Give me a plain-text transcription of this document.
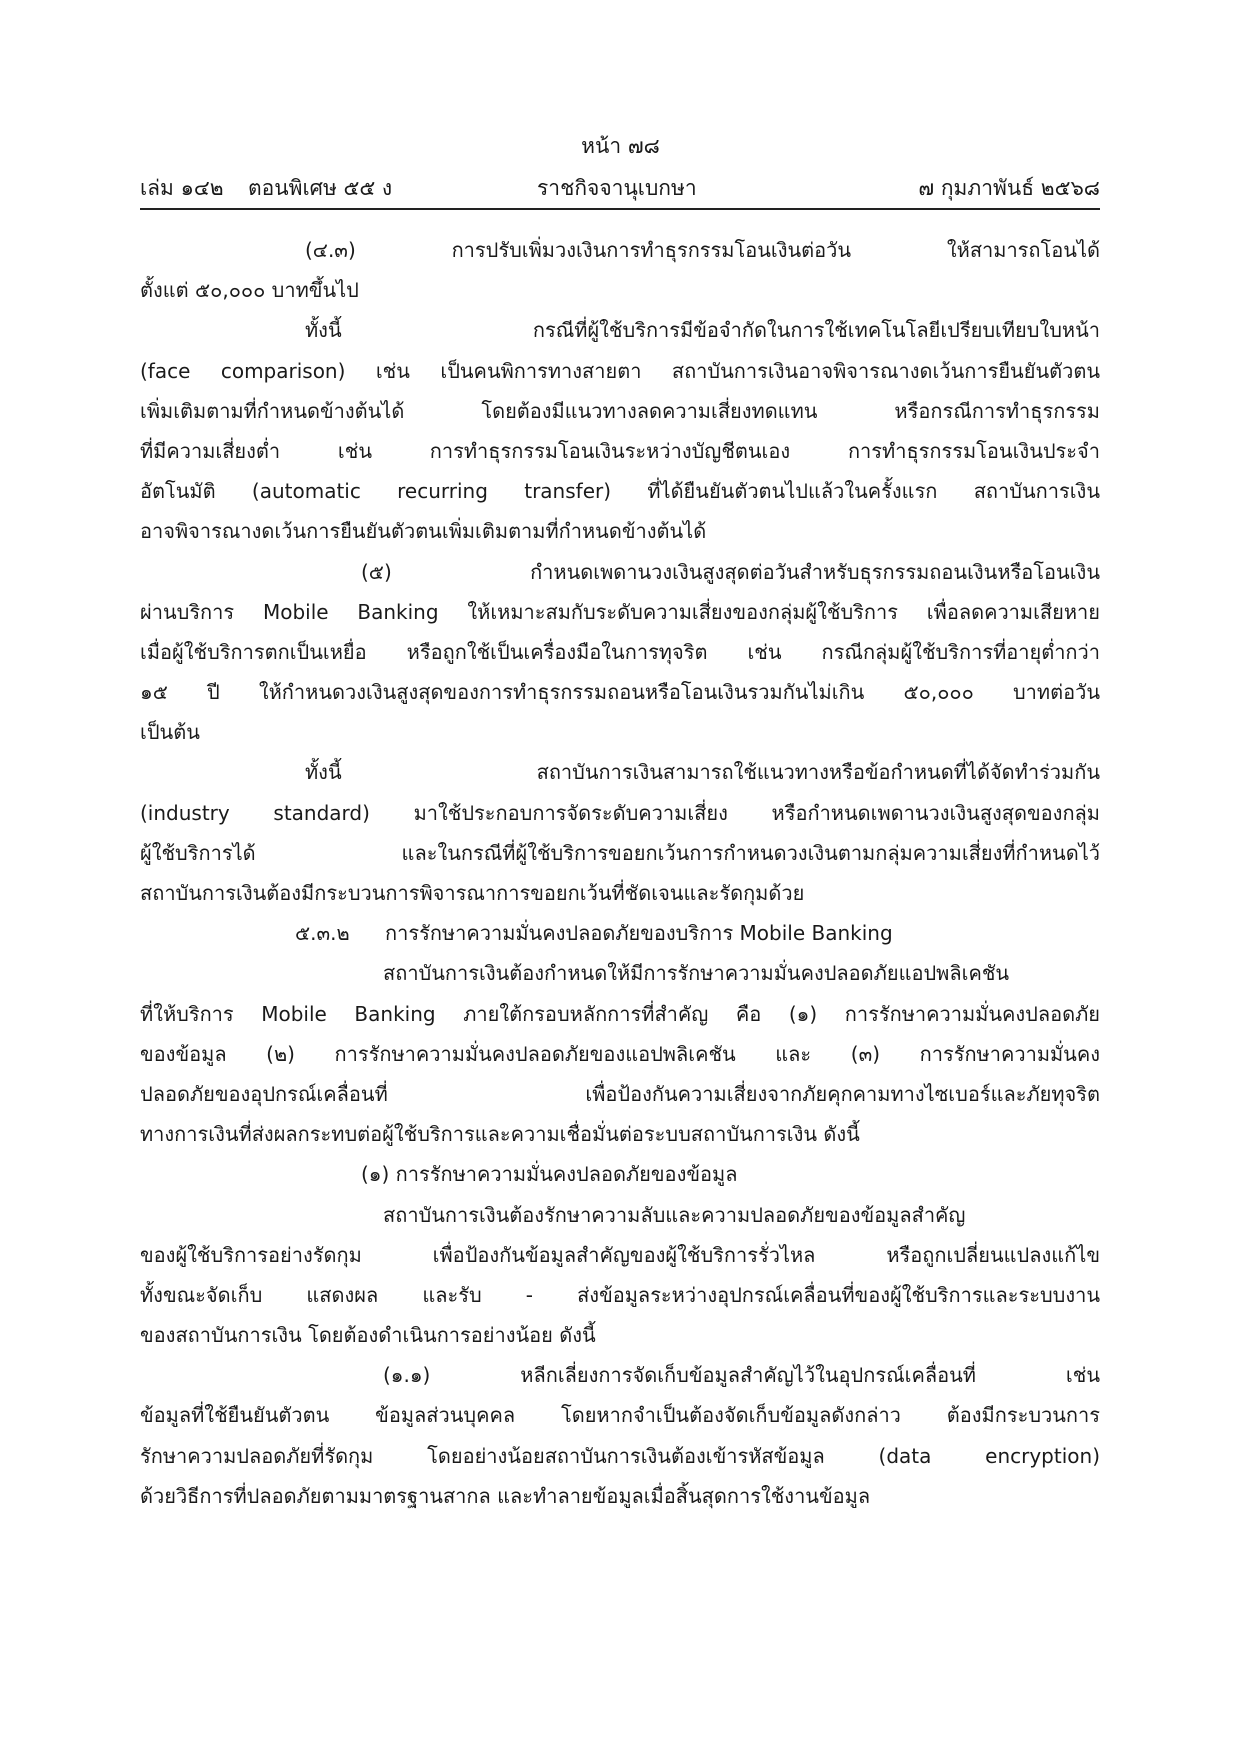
หน้า ๗๘
เล่ม ๑๔๒ ตอนพิเศษ ๕๕ ง	ราชกิจจานุเบกษา	๗ กุมภาพันธ์ ๒๕๖๘
(๔.๓) การปรับเพิ่มวงเงินการทำธุรกรรมโอนเงินต่อวัน ให้สามารถโอนได้
ตั้งแต่ ๕๐,๐๐๐ บาทขึ้นไป
ทั้งนี้ กรณีที่ผู้ใช้บริการมีข้อจำกัดในการใช้เทคโนโลยีเปรียบเทียบใบหน้า
(face comparison) เช่น เป็นคนพิการทางสายตา สถาบันการเงินอาจพิจารณางดเว้นการยืนยันตัวตน
เพิ่มเติมตามที่กำหนดข้างต้นได้ โดยต้องมีแนวทางลดความเสี่ยงทดแทน หรือกรณีการทำธุรกรรม
ที่มีความเสี่ยงต่ำ เช่น การทำธุรกรรมโอนเงินระหว่างบัญชีตนเอง การทำธุรกรรมโอนเงินประจำ
อัตโนมัติ (automatic recurring transfer) ที่ได้ยืนยันตัวตนไปแล้วในครั้งแรก สถาบันการเงิน
อาจพิจารณางดเว้นการยืนยันตัวตนเพิ่มเติมตามที่กำหนดข้างต้นได้
(๕) กำหนดเพดานวงเงินสูงสุดต่อวันสำหรับธุรกรรมถอนเงินหรือโอนเงิน
ผ่านบริการ Mobile Banking ให้เหมาะสมกับระดับความเสี่ยงของกลุ่มผู้ใช้บริการ เพื่อลดความเสียหาย
เมื่อผู้ใช้บริการตกเป็นเหยื่อ หรือถูกใช้เป็นเครื่องมือในการทุจริต เช่น กรณีกลุ่มผู้ใช้บริการที่อายุต่ำกว่า
๑๕ ปี ให้กำหนดวงเงินสูงสุดของการทำธุรกรรมถอนหรือโอนเงินรวมกันไม่เกิน ๕๐,๐๐๐ บาทต่อวัน
เป็นต้น
ทั้งนี้ สถาบันการเงินสามารถใช้แนวทางหรือข้อกำหนดที่ได้จัดทำร่วมกัน
(industry standard) มาใช้ประกอบการจัดระดับความเสี่ยง หรือกำหนดเพดานวงเงินสูงสุดของกลุ่ม
ผู้ใช้บริการได้ และในกรณีที่ผู้ใช้บริการขอยกเว้นการกำหนดวงเงินตามกลุ่มความเสี่ยงที่กำหนดไว้
สถาบันการเงินต้องมีกระบวนการพิจารณาการขอยกเว้นที่ชัดเจนและรัดกุมด้วย
๕.๓.๒ การรักษาความมั่นคงปลอดภัยของบริการ Mobile Banking
สถาบันการเงินต้องกำหนดให้มีการรักษาความมั่นคงปลอดภัยแอปพลิเคชัน
ที่ให้บริการ Mobile Banking ภายใต้กรอบหลักการที่สำคัญ คือ (๑) การรักษาความมั่นคงปลอดภัย
ของข้อมูล (๒) การรักษาความมั่นคงปลอดภัยของแอปพลิเคชัน และ (๓) การรักษาความมั่นคง
ปลอดภัยของอุปกรณ์เคลื่อนที่ เพื่อป้องกันความเสี่ยงจากภัยคุกคามทางไซเบอร์และภัยทุจริต
ทางการเงินที่ส่งผลกระทบต่อผู้ใช้บริการและความเชื่อมั่นต่อระบบสถาบันการเงิน ดังนี้
(๑) การรักษาความมั่นคงปลอดภัยของข้อมูล
สถาบันการเงินต้องรักษาความลับและความปลอดภัยของข้อมูลสำคัญ
ของผู้ใช้บริการอย่างรัดกุม เพื่อป้องกันข้อมูลสำคัญของผู้ใช้บริการรั่วไหล หรือถูกเปลี่ยนแปลงแก้ไข
ทั้งขณะจัดเก็บ แสดงผล และรับ - ส่งข้อมูลระหว่างอุปกรณ์เคลื่อนที่ของผู้ใช้บริการและระบบงาน
ของสถาบันการเงิน โดยต้องดำเนินการอย่างน้อย ดังนี้
(๑.๑) หลีกเลี่ยงการจัดเก็บข้อมูลสำคัญไว้ในอุปกรณ์เคลื่อนที่ เช่น
ข้อมูลที่ใช้ยืนยันตัวตน ข้อมูลส่วนบุคคล โดยหากจำเป็นต้องจัดเก็บข้อมูลดังกล่าว ต้องมีกระบวนการ
รักษาความปลอดภัยที่รัดกุม โดยอย่างน้อยสถาบันการเงินต้องเข้ารหัสข้อมูล (data encryption)
ด้วยวิธีการที่ปลอดภัยตามมาตรฐานสากล และทำลายข้อมูลเมื่อสิ้นสุดการใช้งานข้อมูล
